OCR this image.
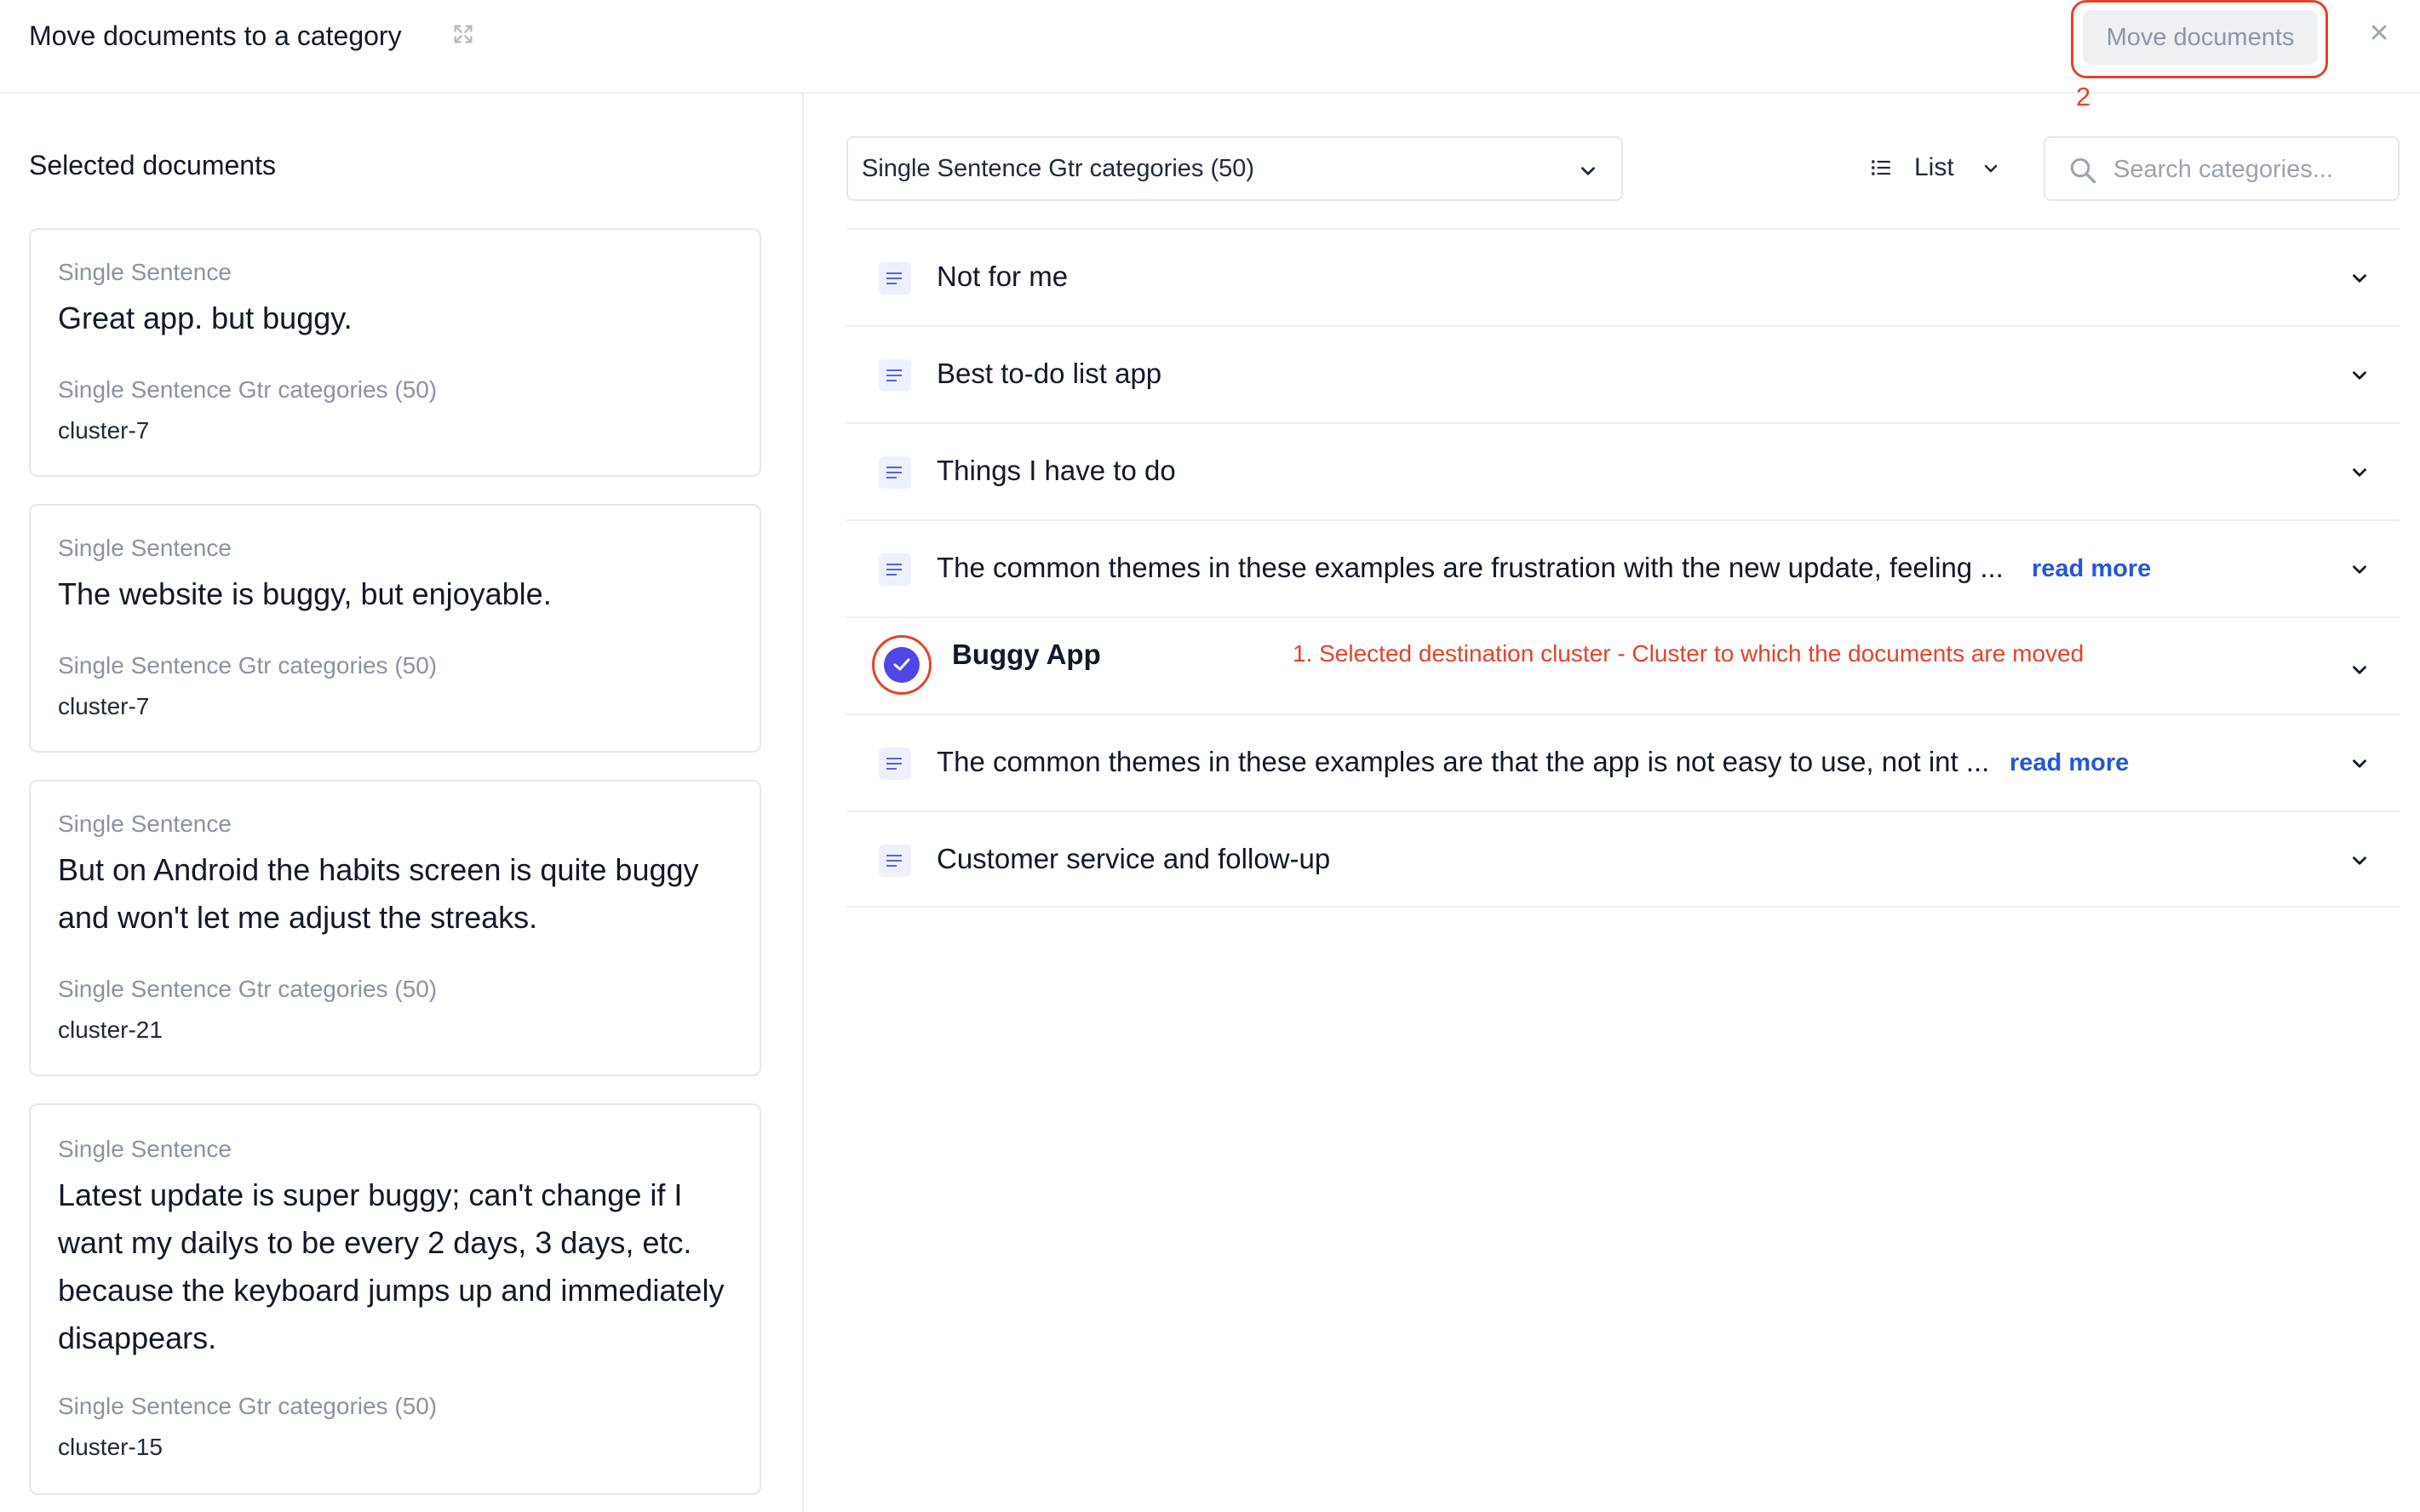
Move documents to a category	Move documents
2
Selected documents
Single Sentence
Great app. but buggy.
Single Sentence Gtr categories (50)
cluster-7
Single Sentence
The website is buggy, but enjoyable.
Single Sentence Gtr categories (50)
cluster-7
Single Sentence
But on Android the habits screen is quite buggy and won't let me adjust the streaks.
Single Sentence Gtr categories (50)
cluster-21
Single Sentence
Latest update is super buggy; can't change if I want my dailys to be every 2 days, 3 days, etc. because the keyboard jumps up and immediately disappears.
Single Sentence Gtr categories (50)
cluster-15
Single Sentence Gtr categories (50)	List
Search categories...
Not for me
Best to-do list app
Things I have to do
The common themes in these examples are frustration with the new update, feeling ... read more
Buggy App	1. Selected destination cluster - Cluster to which the documents are moved
The common themes in these examples are that the app is not easy to use, not int ... read more
Customer service and follow-up
